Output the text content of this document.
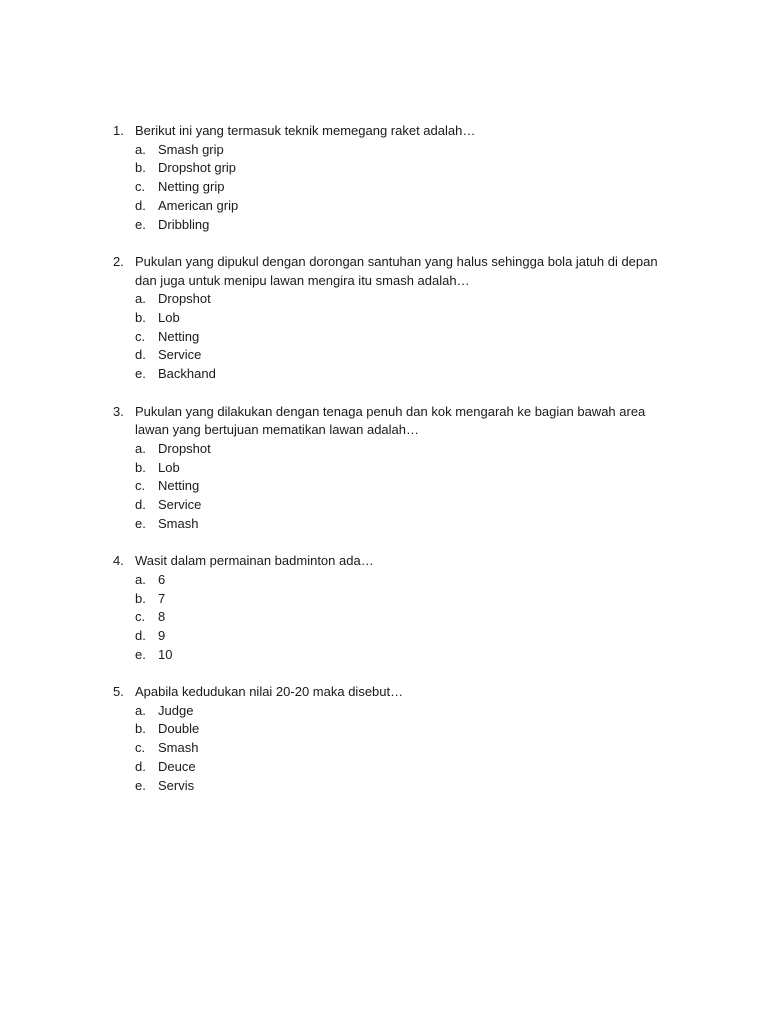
1. Berikut ini yang termasuk teknik memegang raket adalah…
a. Smash grip
b. Dropshot grip
c. Netting grip
d. American grip
e. Dribbling
2. Pukulan yang dipukul dengan dorongan santuhan yang halus sehingga bola jatuh di depan dan juga untuk menipu lawan mengira itu smash adalah…
a. Dropshot
b. Lob
c. Netting
d. Service
e. Backhand
3. Pukulan yang dilakukan dengan tenaga penuh dan kok mengarah ke bagian bawah area lawan yang bertujuan mematikan lawan adalah…
a. Dropshot
b. Lob
c. Netting
d. Service
e. Smash
4. Wasit dalam permainan badminton ada…
a. 6
b. 7
c. 8
d. 9
e. 10
5. Apabila kedudukan nilai 20-20 maka disebut…
a. Judge
b. Double
c. Smash
d. Deuce
e. Servis
